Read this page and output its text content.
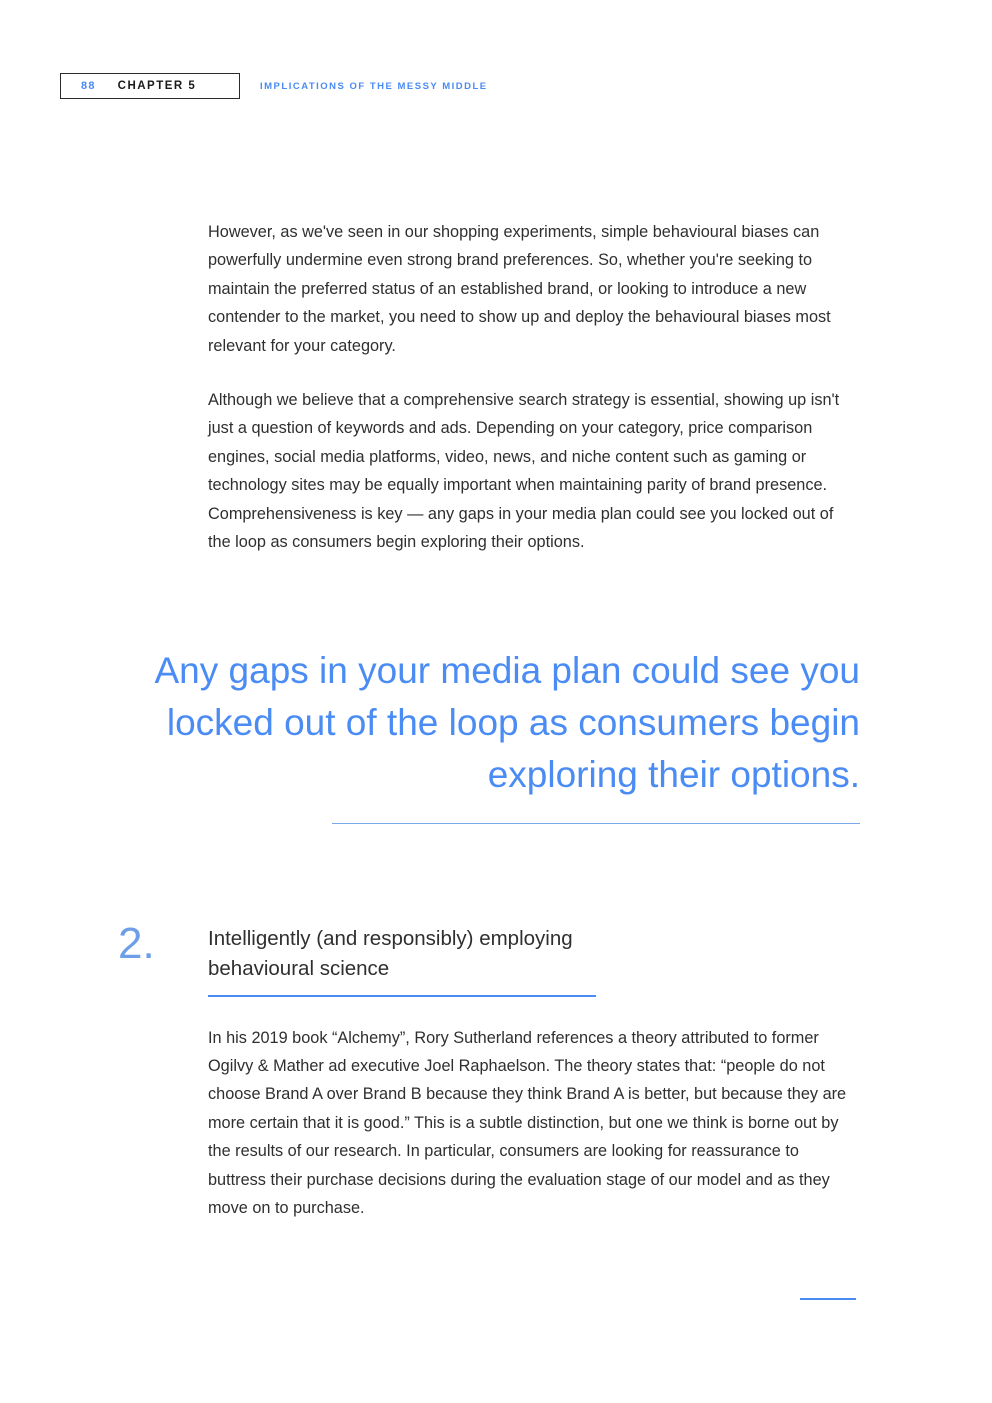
88	CHAPTER 5	IMPLICATIONS OF THE MESSY MIDDLE

However, as we've seen in our shopping experiments, simple behavioural biases can powerfully undermine even strong brand preferences. So, whether you're seeking to maintain the preferred status of an established brand, or looking to introduce a new contender to the market, you need to show up and deploy the behavioural biases most relevant for your category.

Although we believe that a comprehensive search strategy is essential, showing up isn't just a question of keywords and ads. Depending on your category, price comparison engines, social media platforms, video, news, and niche content such as gaming or technology sites may be equally important when maintaining parity of brand presence. Comprehensiveness is key — any gaps in your media plan could see you locked out of the loop as consumers begin exploring their options.

Any gaps in your media plan could see you locked out of the loop as consumers begin exploring their options.

2.	Intelligently (and responsibly) employing behavioural science

In his 2019 book “Alchemy”, Rory Sutherland references a theory attributed to former Ogilvy & Mather ad executive Joel Raphaelson. The theory states that: “people do not choose Brand A over Brand B because they think Brand A is better, but because they are more certain that it is good.” This is a subtle distinction, but one we think is borne out by the results of our research. In particular, consumers are looking for reassurance to buttress their purchase decisions during the evaluation stage of our model and as they move on to purchase.
